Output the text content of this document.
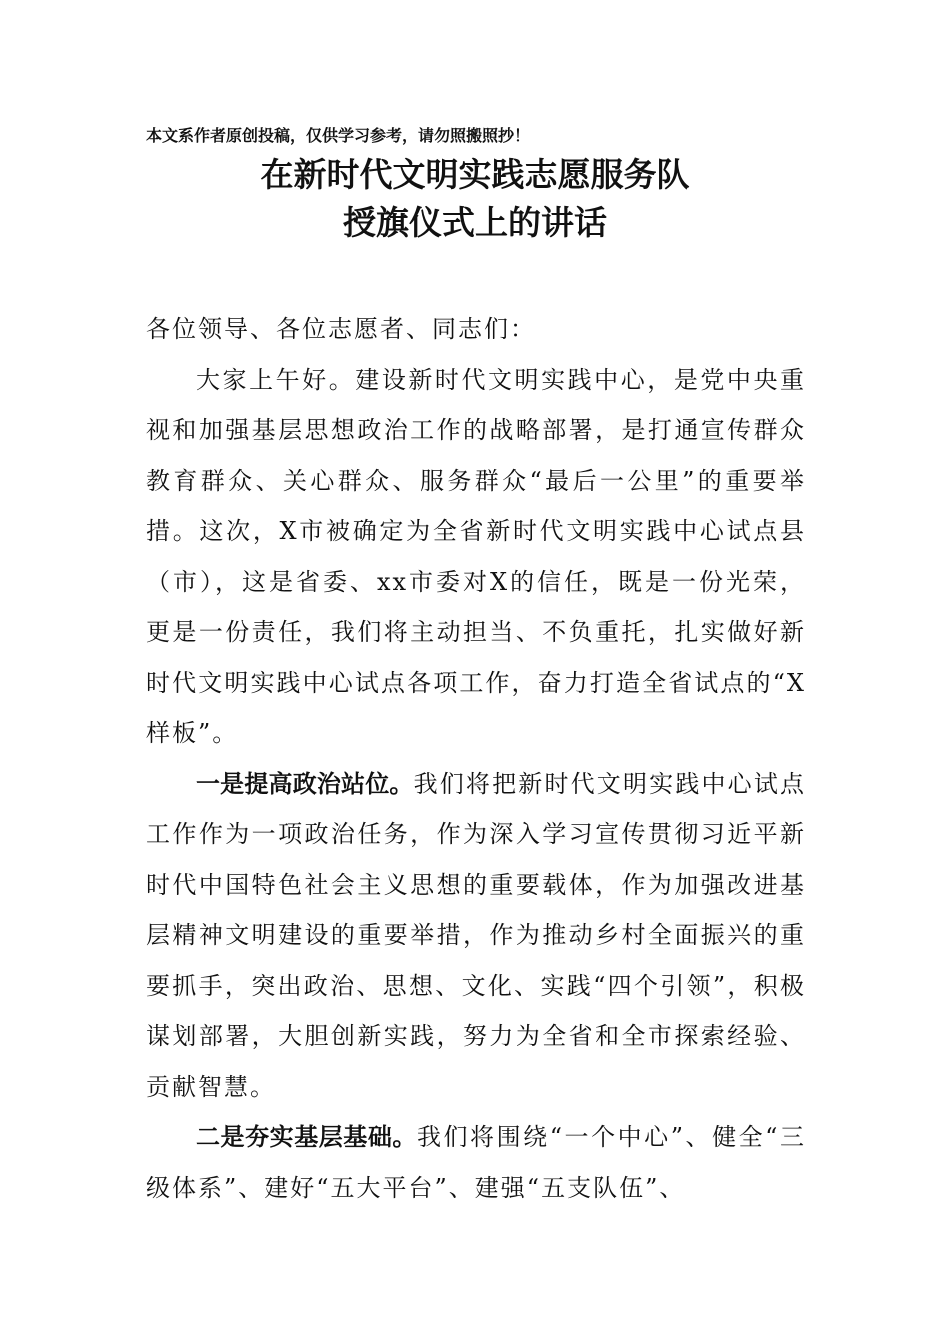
本文系作者原创投稿，仅供学习参考，请勿照搬照抄！
在新时代文明实践志愿服务队
授旗仪式上的讲话

各位领导、各位志愿者、同志们：

大家上午好。建设新时代文明实践中心，是党中央重视和加强基层思想政治工作的战略部署，是打通宣传群众教育群众、关心群众、服务群众“最后一公里”的重要举措。这次，X市被确定为全省新时代文明实践中心试点县（市），这是省委、xx市委对X的信任，既是一份光荣，更是一份责任，我们将主动担当、不负重托，扎实做好新时代文明实践中心试点各项工作，奋力打造全省试点的“X样板”。

一是提高政治站位。我们将把新时代文明实践中心试点工作作为一项政治任务，作为深入学习宣传贯彻习近平新时代中国特色社会主义思想的重要载体，作为加强改进基层精神文明建设的重要举措，作为推动乡村全面振兴的重要抓手，突出政治、思想、文化、实践“四个引领”，积极谋划部署，大胆创新实践，努力为全省和全市探索经验、贡献智慧。

二是夯实基层基础。我们将围绕“一个中心”、健全“三级体系”、建好“五大平台”、建强“五支队伍”、
